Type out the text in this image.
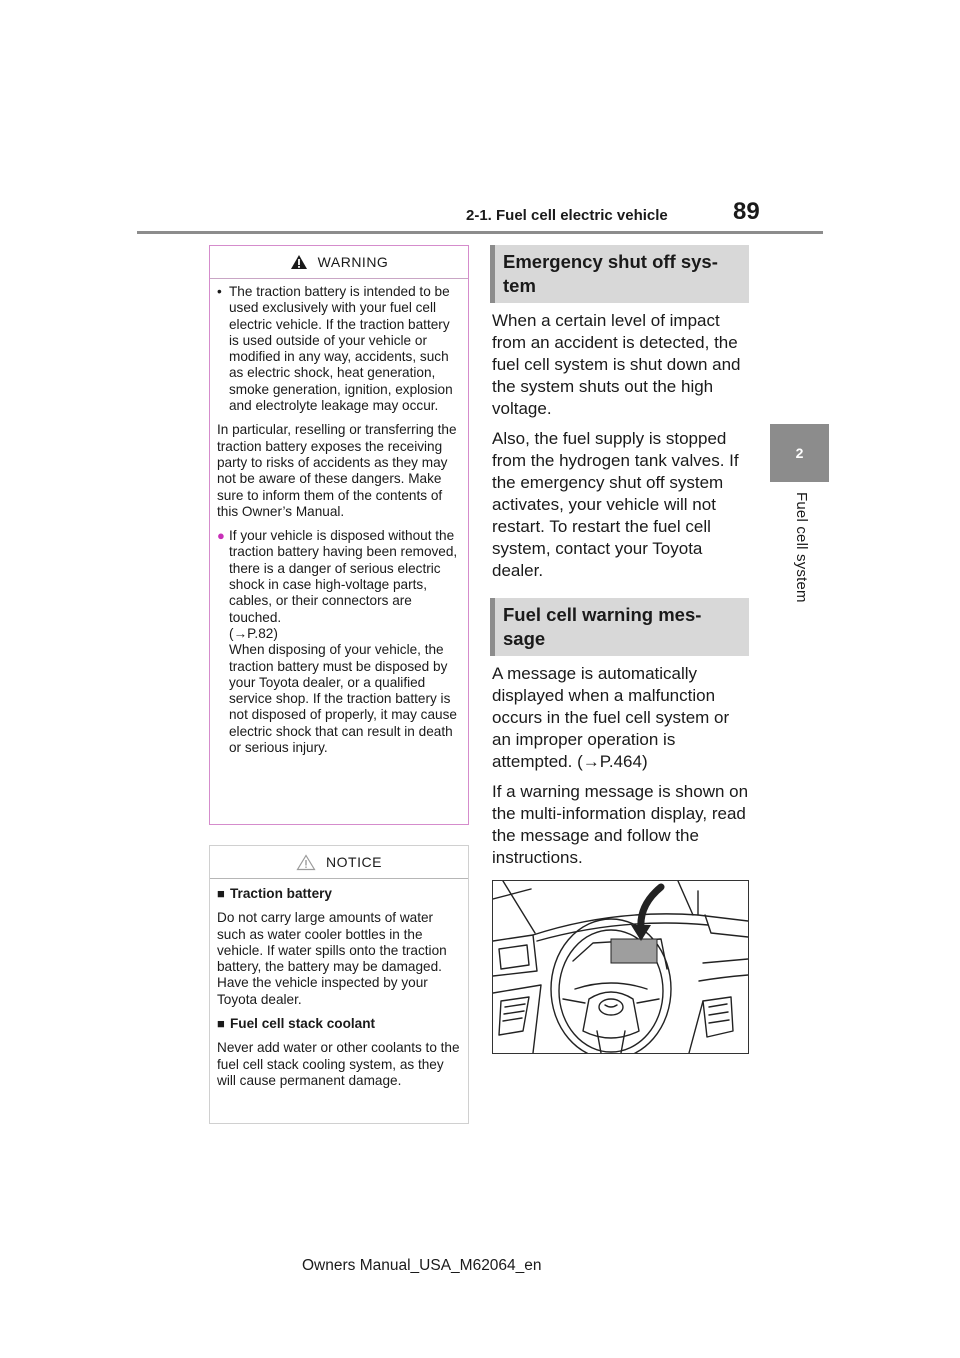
2-1. Fuel cell electric vehicle	89
2
Fuel cell system
WARNING
• The traction battery is intended to be used exclusively with your fuel cell electric vehicle. If the traction battery is used outside of your vehicle or modified in any way, accidents, such as electric shock, heat generation, smoke generation, ignition, explosion and electrolyte leakage may occur.

In particular, reselling or transferring the traction battery exposes the receiving party to risks of accidents as they may not be aware of these dangers. Make sure to inform them of the contents of this Owner’s Manual.

● If your vehicle is disposed without the traction battery having been removed, there is a danger of serious electric shock in case high-voltage parts, cables, or their connectors are touched.
(→P.82)
When disposing of your vehicle, the traction battery must be disposed by your Toyota dealer, or a qualified service shop. If the traction battery is not disposed of properly, it may cause electric shock that can result in death or serious injury.
NOTICE
■ Traction battery

Do not carry large amounts of water such as water cooler bottles in the vehicle. If water spills onto the traction battery, the battery may be damaged. Have the vehicle inspected by your Toyota dealer.

■ Fuel cell stack coolant

Never add water or other coolants to the fuel cell stack cooling system, as they will cause permanent damage.

Emergency shut off sys-
tem

When a certain level of impact from an accident is detected, the fuel cell system is shut down and the system shuts out the high voltage.

Also, the fuel supply is stopped from the hydrogen tank valves. If the emergency shut off system activates, your vehicle will not restart. To restart the fuel cell system, contact your Toyota dealer.

Fuel cell warning mes-
sage

A message is automatically displayed when a malfunction occurs in the fuel cell system or an improper operation is attempted. (→P.464)

If a warning message is shown on the multi-information display, read the message and follow the instructions.

Owners Manual_USA_M62064_en
